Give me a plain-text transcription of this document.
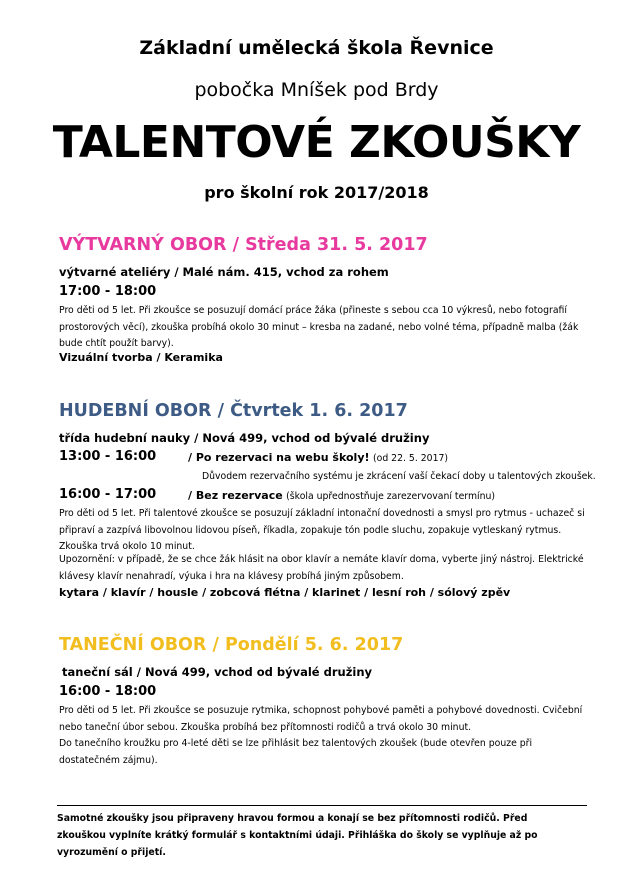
Základní umělecká škola Řevnice
pobočka Mníšek pod Brdy
TALENTOVÉ ZKOUŠKY
pro školní rok 2017/2018
VÝTVARNÝ OBOR / Středa 31. 5. 2017
výtvarné ateliéry / Malé nám. 415, vchod za rohem
17:00 - 18:00
Pro děti od 5 let. Při zkoušce se posuzují domácí práce žáka (přineste s sebou cca 10 výkresů, nebo fotografií prostorových věcí), zkouška probíhá okolo 30 minut – kresba na zadané, nebo volné téma, případně malba (žák bude chtít použít barvy).
Vizuální tvorba / Keramika
HUDEBNÍ OBOR / Čtvrtek 1. 6. 2017
třída hudební nauky / Nová 499, vchod od bývalé družiny
13:00 - 16:00	/ Po rezervaci na webu školy! (od 22. 5. 2017)
Důvodem rezervačního systému je zkrácení vaší čekací doby u talentových zkoušek.
16:00 - 17:00	/ Bez rezervace (škola upřednostňuje zarezervovaní termínu)
Pro děti od 5 let. Při talentové zkoušce se posuzují základní intonační dovednosti a smysl pro rytmus - uchazeč si připraví a zazpívá libovolnou lidovou píseň, říkadla, zopakuje tón podle sluchu, zopakuje vytleskaný rytmus. Zkouška trvá okolo 10 minut.
Upozornění: v případě, že se chce žák hlásit na obor klavír a nemáte klavír doma, vyberte jiný nástroj. Elektrické klávesy klavír nenahradí, výuka i hra na klávesy probíhá jiným způsobem.
kytara / klavír / housle / zobcová flétna / klarinet / lesní roh / sólový zpěv
TANEČNÍ OBOR / Pondělí 5. 6. 2017
taneční sál / Nová 499, vchod od bývalé družiny
16:00 - 18:00
Pro děti od 5 let. Při zkoušce se posuzuje rytmika, schopnost pohybové paměti a pohybové dovednosti. Cvičební nebo taneční úbor sebou. Zkouška probíhá bez přítomnosti rodičů a trvá okolo 30 minut.
Do tanečního kroužku pro 4-leté děti se lze přihlásit bez talentových zkoušek (bude otevřen pouze při dostatečném zájmu).
Samotné zkoušky jsou připraveny hravou formou a konají se bez přítomnosti rodičů. Před zkouškou vyplníte krátký formulář s kontaktními údaji. Přihláška do školy se vyplňuje až po vyrozumění o přijetí.
